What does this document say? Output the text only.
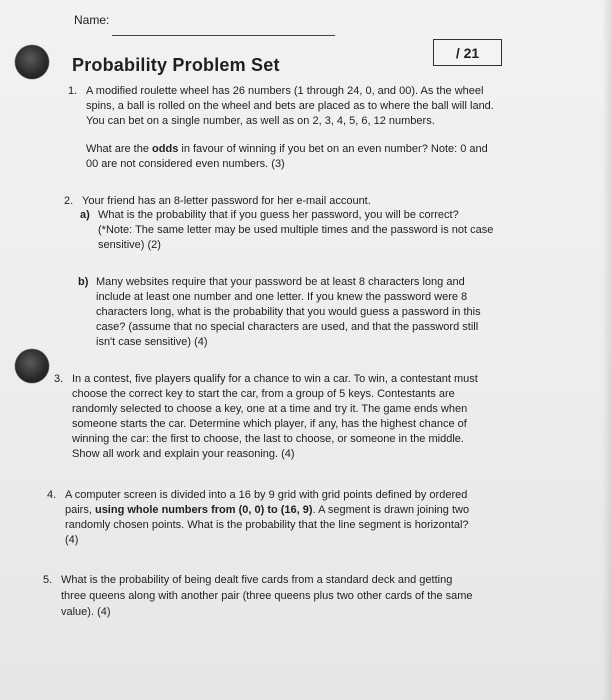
Name:
/ 21
Probability Problem Set
1. A modified roulette wheel has 26 numbers (1 through 24, 0, and 00). As the wheel
spins, a ball is rolled on the wheel and bets are placed as to where the ball will land.
You can bet on a single number, as well as on 2, 3, 4, 5, 6, 12 numbers.
What are the odds in favour of winning if you bet on an even number? Note: 0 and
00 are not considered even numbers. (3)
2. Your friend has an 8-letter password for her e-mail account.
a) What is the probability that if you guess her password, you will be correct?
(*Note: The same letter may be used multiple times and the password is not case
sensitive) (2)
b) Many websites require that your password be at least 8 characters long and
include at least one number and one letter. If you knew the password were 8
characters long, what is the probability that you would guess a password in this
case? (assume that no special characters are used, and that the password still
isn't case sensitive) (4)
3. In a contest, five players qualify for a chance to win a car. To win, a contestant must
choose the correct key to start the car, from a group of 5 keys. Contestants are
randomly selected to choose a key, one at a time and try it. The game ends when
someone starts the car. Determine which player, if any, has the highest chance of
winning the car: the first to choose, the last to choose, or someone in the middle.
Show all work and explain your reasoning. (4)
4. A computer screen is divided into a 16 by 9 grid with grid points defined by ordered
pairs, using whole numbers from (0, 0) to (16, 9). A segment is drawn joining two
randomly chosen points. What is the probability that the line segment is horizontal?
(4)
5. What is the probability of being dealt five cards from a standard deck and getting
three queens along with another pair (three queens plus two other cards of the same
value). (4)
